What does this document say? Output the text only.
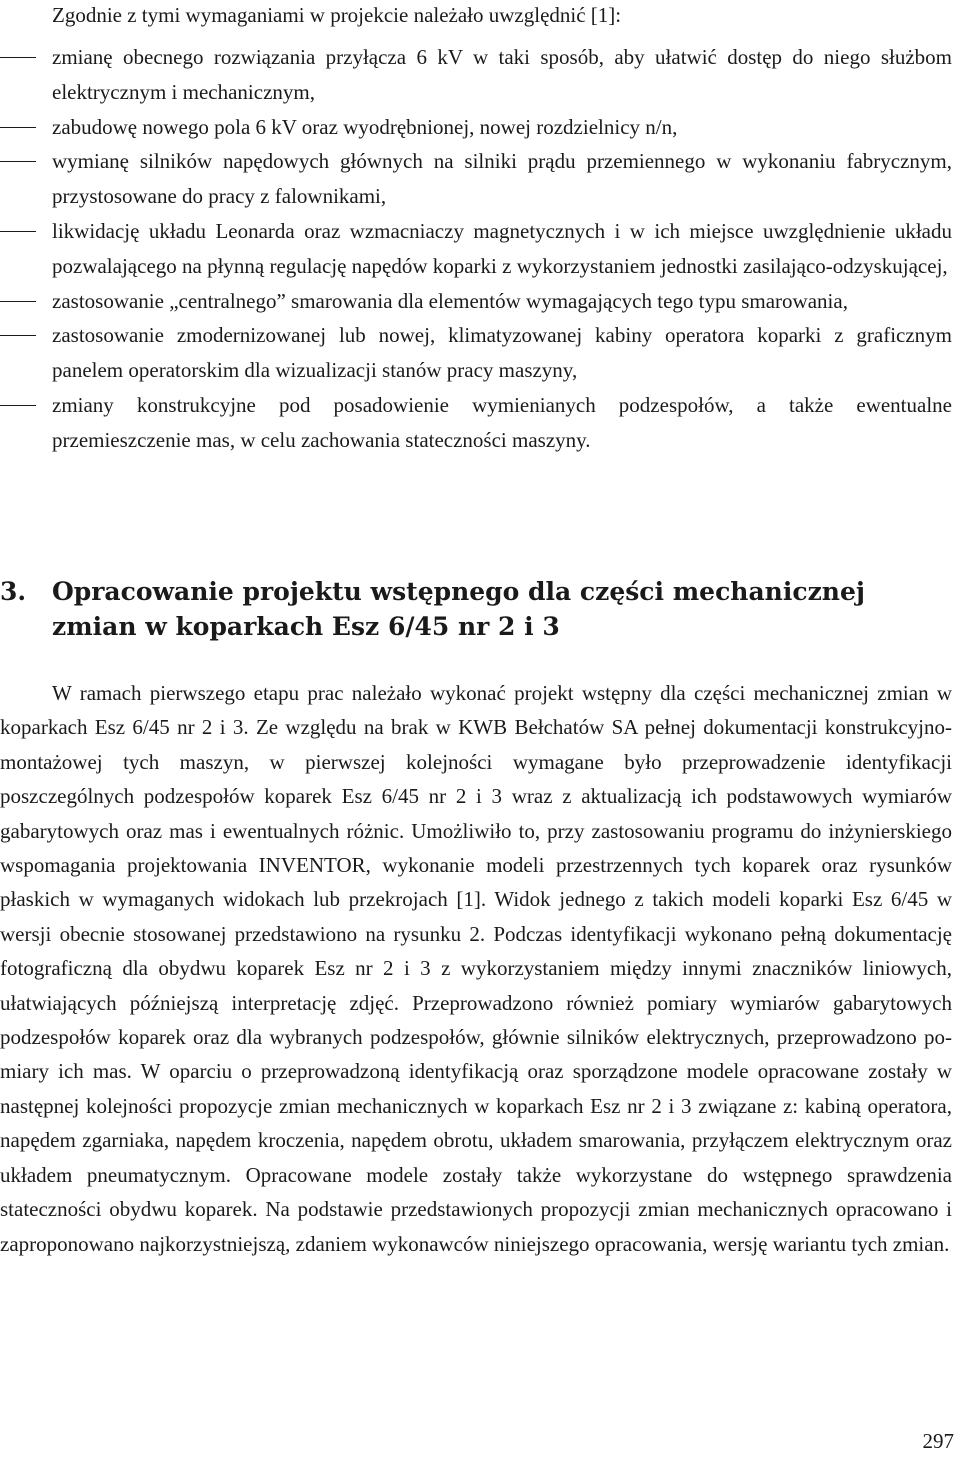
Zgodnie z tymi wymaganiami w projekcie należało uwzględnić [1]:

zmianę obecnego rozwiązania przyłącza 6 kV w taki sposób, aby ułatwić dostęp do niego służbom elektrycznym i mechanicznym,
zabudowę nowego pola 6 kV oraz wyodrębnionej, nowej rozdzielnicy n/n,
wymianę silników napędowych głównych na silniki prądu przemiennego w wykonaniu fabrycznym, przystosowane do pracy z falownikami,
likwidację układu Leonarda oraz wzmacniaczy magnetycznych i w ich miejsce uwzględnienie układu pozwalającego na płynną regulację napędów koparki z wykorzystaniem jednostki zasilająco-odzyskującej,
zastosowanie „centralnego” smarowania dla elementów wymagających tego typu smarowania,
zastosowanie zmodernizowanej lub nowej, klimatyzowanej kabiny operatora koparki z graficznym panelem operatorskim dla wizualizacji stanów pracy maszyny,
zmiany konstrukcyjne pod posadowienie wymienianych podzespołów, a także ewentualne przemieszczenie mas, w celu zachowania stateczności maszyny.
3. Opracowanie projektu wstępnego dla części mechanicznej zmian w koparkach Esz 6/45 nr 2 i 3

W ramach pierwszego etapu prac należało wykonać projekt wstępny dla części mechanicznej zmian w koparkach Esz 6/45 nr 2 i 3. Ze względu na brak w KWB Bełchatów SA pełnej dokumentacji konstrukcyjno-montażowej tych maszyn, w pierwszej kolejności wymagane było przeprowadzenie identyfikacji poszczególnych podzespołów koparek Esz 6/45 nr 2 i 3 wraz z aktualizacją ich podstawowych wymiarów gabarytowych oraz mas i ewentualnych różnic. Umożliwiło to, przy zastosowaniu programu do inżynierskiego wspomagania projektowania INVENTOR, wykonanie modeli przestrzennych tych koparek oraz rysunków płaskich w wymaganych widokach lub przekrojach [1]. Widok jednego z takich modeli koparki Esz 6/45 w wersji obecnie stosowanej przedstawiono na rysunku 2. Podczas identyfikacji wykonano pełną dokumentację fotograficzną dla obydwu koparek Esz nr 2 i 3 z wykorzystaniem między innymi znaczników liniowych, ułatwiających późniejszą interpretację zdjęć. Przeprowadzono również pomiary wymiarów gabarytowych podzespołów koparek oraz dla wybranych podzespołów, głównie silników elektrycznych, przeprowadzono pomiary ich mas. W oparciu o przeprowadzoną identyfikacją oraz sporządzone modele opracowane zostały w następnej kolejności propozycje zmian mechanicznych w koparkach Esz nr 2 i 3 związane z: kabiną operatora, napędem zgarniaka, napędem kroczenia, napędem obrotu, układem smarowania, przyłączem elektrycznym oraz układem pneumatycznym. Opracowane modele zostały także wykorzystane do wstępnego sprawdzenia stateczności obydwu koparek. Na podstawie przedstawionych propozycji zmian mechanicznych opracowano i zaproponowano najkorzystniejszą, zdaniem wykonawców niniejszego opracowania, wersję wariantu tych zmian.

297
